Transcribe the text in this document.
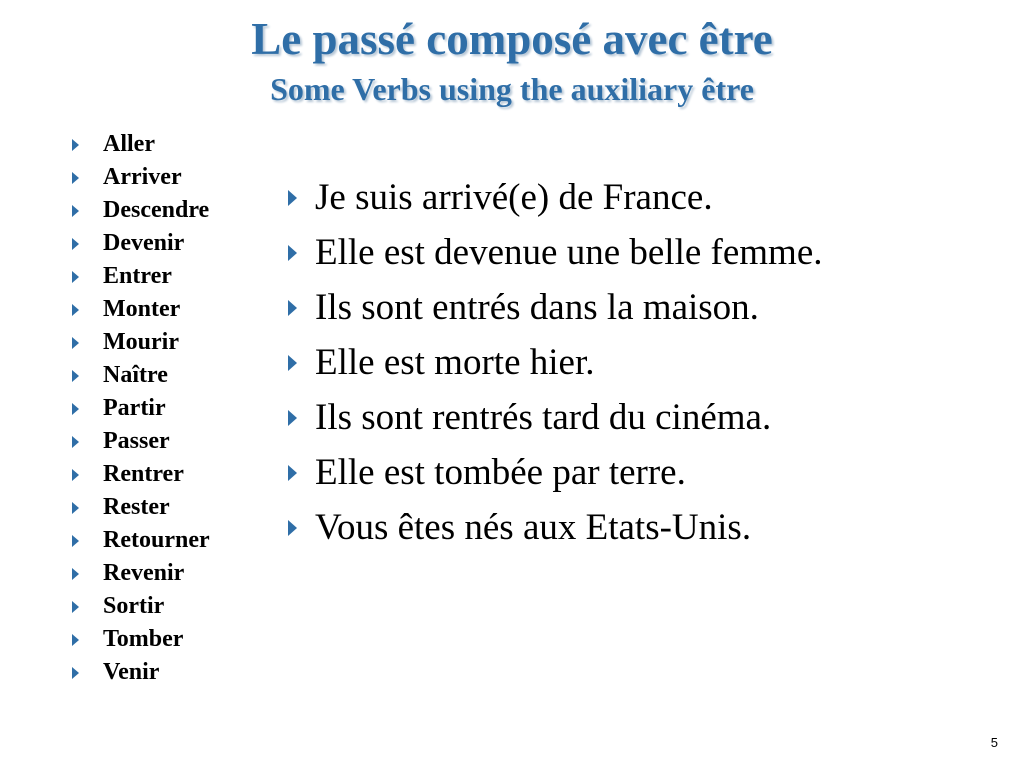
Le passé composé avec être
Some Verbs using the auxiliary être
Aller
Arriver
Descendre
Devenir
Entrer
Monter
Mourir
Naître
Partir
Passer
Rentrer
Rester
Retourner
Revenir
Sortir
Tomber
Venir
Je suis arrivé(e) de France.
Elle est devenue une belle femme.
Ils sont entrés dans la maison.
Elle est morte hier.
Ils sont rentrés tard du cinéma.
Elle est tombée par terre.
Vous êtes nés aux Etats-Unis.
5
